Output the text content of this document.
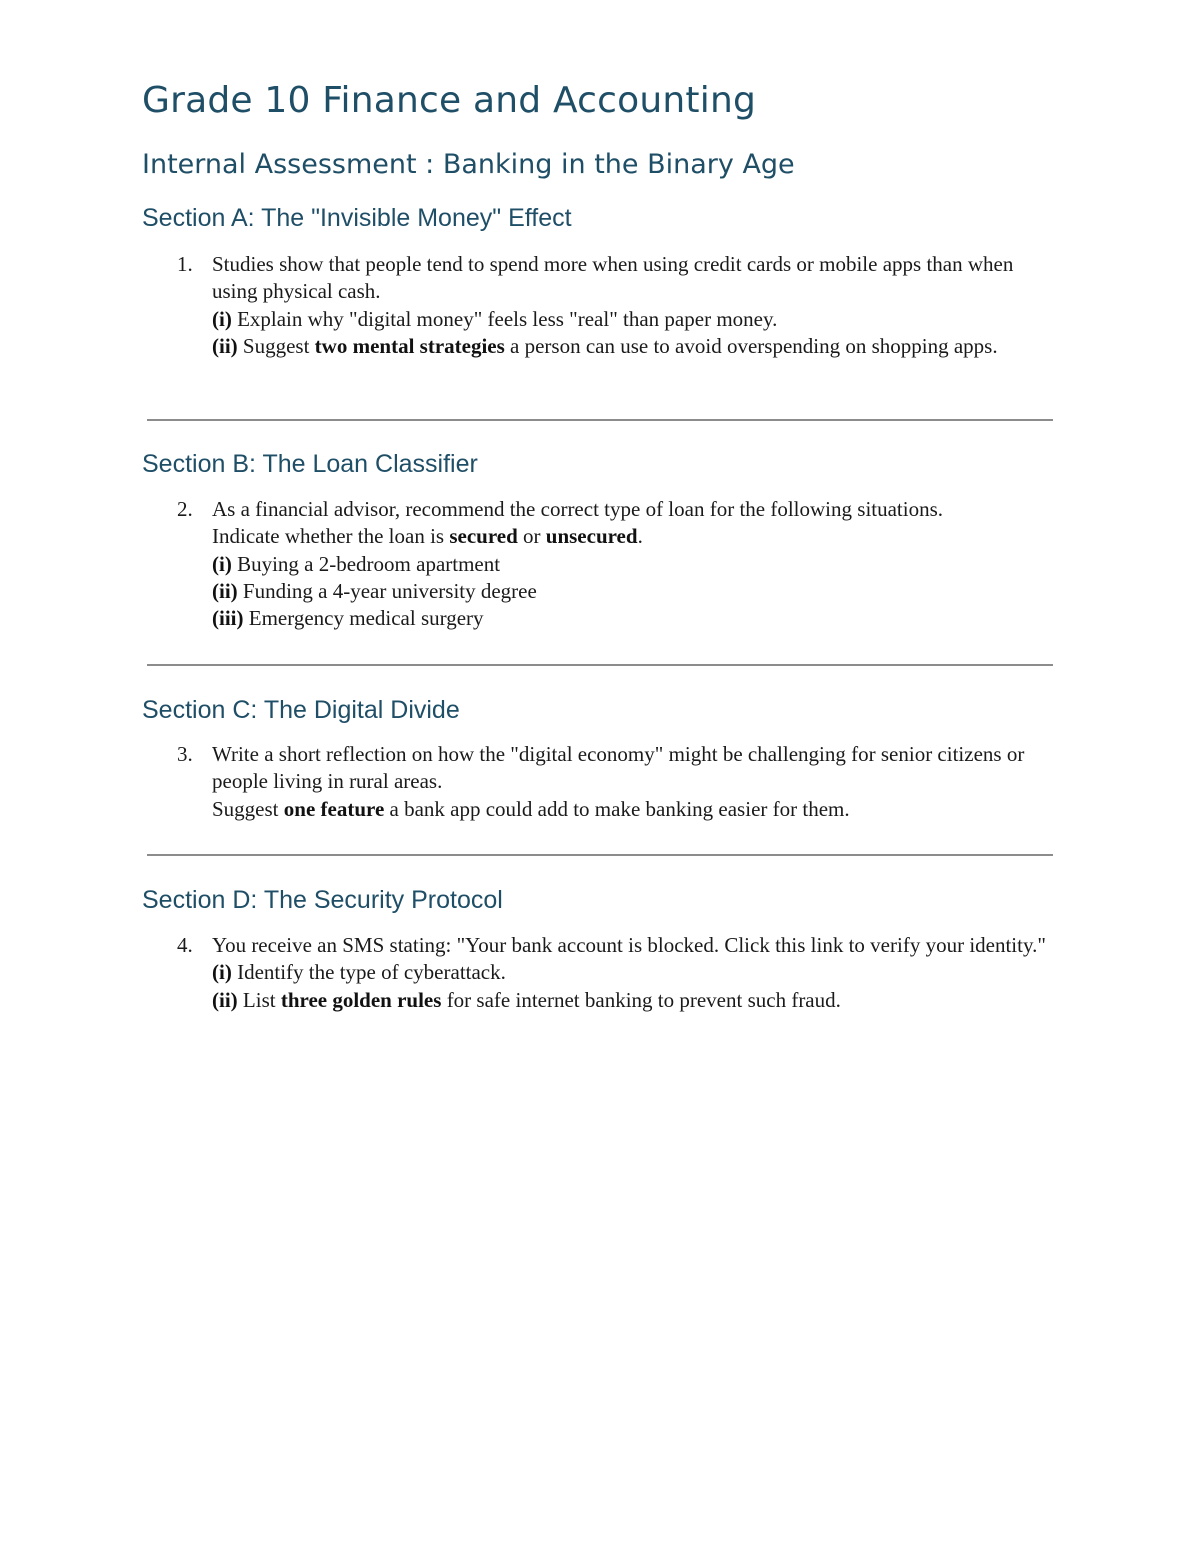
Grade 10 Finance and Accounting
Internal Assessment : Banking in the Binary Age
Section A: The "Invisible Money" Effect
1. Studies show that people tend to spend more when using credit cards or mobile apps than when using physical cash.
(i) Explain why "digital money" feels less "real" than paper money.
(ii) Suggest two mental strategies a person can use to avoid overspending on shopping apps.
Section B: The Loan Classifier
2. As a financial advisor, recommend the correct type of loan for the following situations.
Indicate whether the loan is secured or unsecured.
(i) Buying a 2-bedroom apartment
(ii) Funding a 4-year university degree
(iii) Emergency medical surgery
Section C: The Digital Divide
3. Write a short reflection on how the "digital economy" might be challenging for senior citizens or people living in rural areas.
Suggest one feature a bank app could add to make banking easier for them.
Section D: The Security Protocol
4. You receive an SMS stating: "Your bank account is blocked. Click this link to verify your identity."
(i) Identify the type of cyberattack.
(ii) List three golden rules for safe internet banking to prevent such fraud.
